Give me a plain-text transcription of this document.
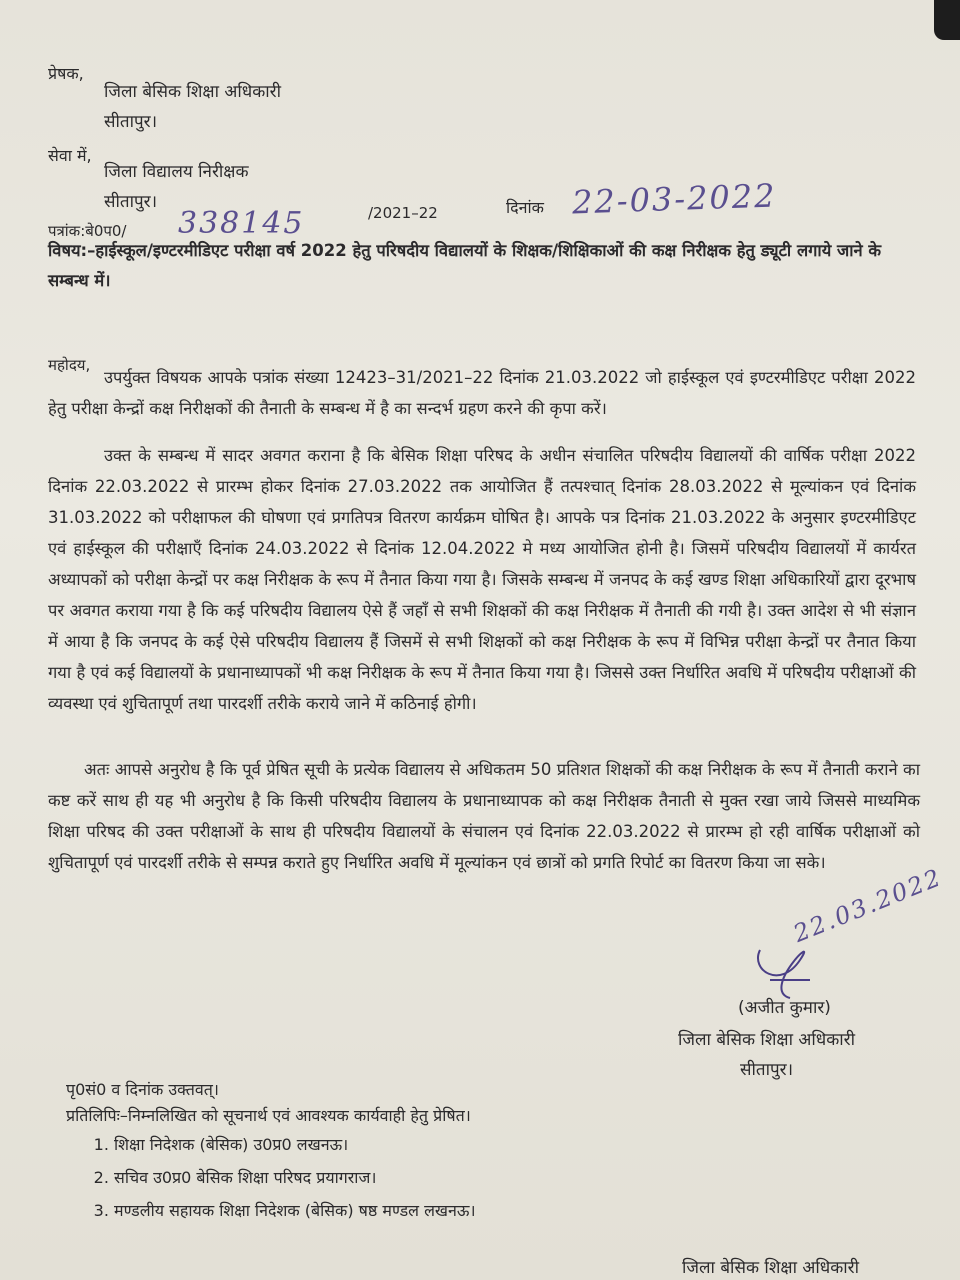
प्रेषक,
जिला बेसिक शिक्षा अधिकारी
सीतापुर।
सेवा में,
जिला विद्यालय निरीक्षक
सीतापुर।
पत्रांक:बे0प0/ 338145	/2021–22	दिनांक 22-03-2022
विषय:–हाईस्कूल/इण्टरमीडिएट परीक्षा वर्ष 2022 हेतु परिषदीय विद्यालयों के शिक्षक/शिक्षिकाओं की कक्ष निरीक्षक हेतु ड्यूटी लगाये जाने के सम्बन्ध में।
महोदय,
उपर्युक्त विषयक आपके पत्रांक संख्या 12423–31/2021–22 दिनांक 21.03.2022 जो हाईस्कूल एवं इण्टरमीडिएट परीक्षा 2022 हेतु परीक्षा केन्द्रों कक्ष निरीक्षकों की तैनाती के सम्बन्ध में है का सन्दर्भ ग्रहण करने की कृपा करें।
उक्त के सम्बन्ध में सादर अवगत कराना है कि बेसिक शिक्षा परिषद के अधीन संचालित परिषदीय विद्यालयों की वार्षिक परीक्षा 2022 दिनांक 22.03.2022 से प्रारम्भ होकर दिनांक 27.03.2022 तक आयोजित हैं तत्पश्चात् दिनांक 28.03.2022 से मूल्यांकन एवं दिनांक 31.03.2022 को परीक्षाफल की घोषणा एवं प्रगतिपत्र वितरण कार्यक्रम घोषित है। आपके पत्र दिनांक 21.03.2022 के अनुसार इण्टरमीडिएट एवं हाईस्कूल की परीक्षाएँ दिनांक 24.03.2022 से दिनांक 12.04.2022 मे मध्य आयोजित होनी है। जिसमें परिषदीय विद्यालयों में कार्यरत अध्यापकों को परीक्षा केन्द्रों पर कक्ष निरीक्षक के रूप में तैनात किया गया है। जिसके सम्बन्ध में जनपद के कई खण्ड शिक्षा अधिकारियों द्वारा दूरभाष पर अवगत कराया गया है कि कई परिषदीय विद्यालय ऐसे हैं जहाँ से सभी शिक्षकों की कक्ष निरीक्षक में तैनाती की गयी है। उक्त आदेश से भी संज्ञान में आया है कि जनपद के कई ऐसे परिषदीय विद्यालय हैं जिसमें से सभी शिक्षकों को कक्ष निरीक्षक के रूप में विभिन्न परीक्षा केन्द्रों पर तैनात किया गया है एवं कई विद्यालयों के प्रधानाध्यापकों भी कक्ष निरीक्षक के रूप में तैनात किया गया है। जिससे उक्त निर्धारित अवधि में परिषदीय परीक्षाओं की व्यवस्था एवं शुचितापूर्ण तथा पारदर्शी तरीके कराये जाने में कठिनाई होगी।
अतः आपसे अनुरोध है कि पूर्व प्रेषित सूची के प्रत्येक विद्यालय से अधिकतम 50 प्रतिशत शिक्षकों की कक्ष निरीक्षक के रूप में तैनाती कराने का कष्ट करें साथ ही यह भी अनुरोध है कि किसी परिषदीय विद्यालय के प्रधानाध्यापक को कक्ष निरीक्षक तैनाती से मुक्त रखा जाये जिससे माध्यमिक शिक्षा परिषद की उक्त परीक्षाओं के साथ ही परिषदीय विद्यालयों के संचालन एवं दिनांक 22.03.2022 से प्रारम्भ हो रही वार्षिक परीक्षाओं को शुचितापूर्ण एवं पारदर्शी तरीके से सम्पन्न कराते हुए निर्धारित अवधि में मूल्यांकन एवं छात्रों को प्रगति रिपोर्ट का वितरण किया जा सके।
22.03.2022
(अजीत कुमार)
जिला बेसिक शिक्षा अधिकारी
सीतापुर।
पृ0सं0 व दिनांक उक्तवत्।
प्रतिलिपिः–निम्नलिखित को सूचनार्थ एवं आवश्यक कार्यवाही हेतु प्रेषित।
1. शिक्षा निदेशक (बेसिक) उ0प्र0 लखनऊ।
2. सचिव उ0प्र0 बेसिक शिक्षा परिषद प्रयागराज।
3. मण्डलीय सहायक शिक्षा निदेशक (बेसिक) षष्ठ मण्डल लखनऊ।
जिला बेसिक शिक्षा अधिकारी
